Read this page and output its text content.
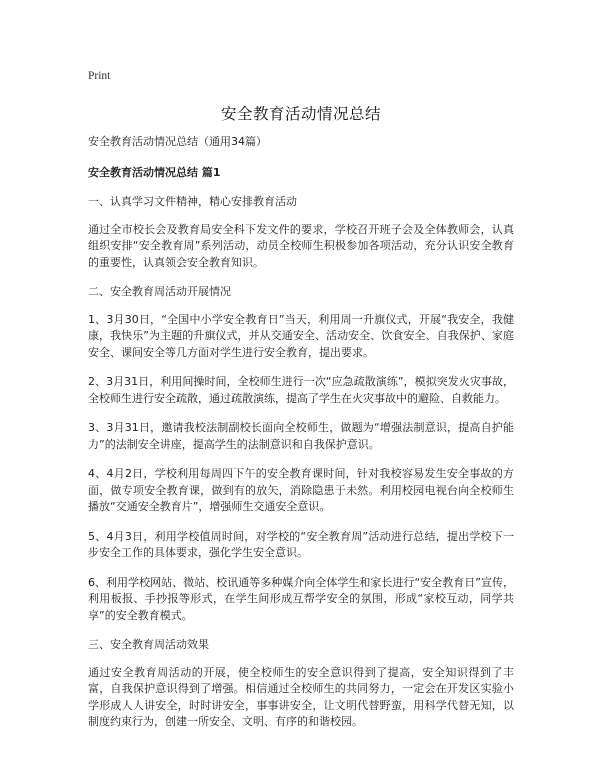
Print
安全教育活动情况总结

安全教育活动情况总结（通用34篇）

安全教育活动情况总结 篇1

一、认真学习文件精神，精心安排教育活动

通过全市校长会及教育局安全科下发文件的要求，学校召开班子会及全体教师会，认真组织安排“安全教育周”系列活动，动员全校师生积极参加各项活动，充分认识安全教育的重要性，认真领会安全教育知识。

二、安全教育周活动开展情况

1、3月30日，“全国中小学安全教育日”当天，利用周一升旗仪式，开展“我安全，我健康，我快乐”为主题的升旗仪式，并从交通安全、活动安全、饮食安全、自我保护、家庭安全、课间安全等几方面对学生进行安全教育，提出要求。

2、3月31日，利用间操时间，全校师生进行一次“应急疏散演练”，模拟突发火灾事故，全校师生进行安全疏散，通过疏散演练，提高了学生在火灾事故中的避险、自救能力。

3、3月31日，邀请我校法制副校长面向全校师生，做题为“增强法制意识，提高自护能力”的法制安全讲座，提高学生的法制意识和自我保护意识。

4、4月2日，学校利用每周四下午的安全教育课时间，针对我校容易发生安全事故的方面，做专项安全教育课，做到有的放矢，消除隐患于未然。利用校园电视台向全校师生播放“交通安全教育片”，增强师生交通安全意识。

5、4月3日，利用学校值周时间，对学校的“安全教育周”活动进行总结，提出学校下一步安全工作的具体要求，强化学生安全意识。

6、利用学校网站、微站、校讯通等多种媒介向全体学生和家长进行“安全教育日”宣传，利用板报、手抄报等形式，在学生间形成互帮学安全的氛围，形成“家校互动，同学共享”的安全教育模式。

三、安全教育周活动效果

通过安全教育周活动的开展，使全校师生的安全意识得到了提高，安全知识得到了丰富，自我保护意识得到了增强。相信通过全校师生的共同努力，一定会在开发区实验小学形成人人讲安全，时时讲安全，事事讲安全，让文明代替野蛮，用科学代替无知，以制度约束行为，创建一所安全、文明、有序的和谐校园。
